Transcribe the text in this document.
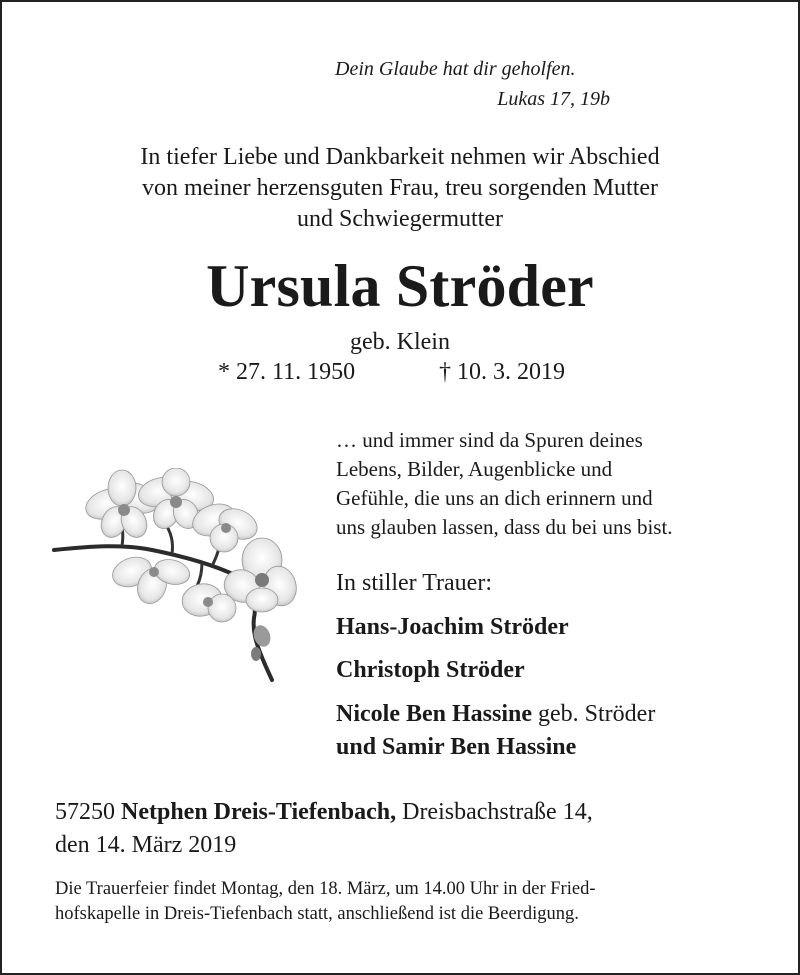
Dein Glaube hat dir geholfen.
Lukas 17, 19b
In tiefer Liebe und Dankbarkeit nehmen wir Abschied
von meiner herzensguten Frau, treu sorgenden Mutter
und Schwiegermutter
Ursula Ströder
geb. Klein
* 27. 11. 1950	† 10. 3. 2019
… und immer sind da Spuren deines
Lebens, Bilder, Augenblicke und
Gefühle, die uns an dich erinnern und
uns glauben lassen, dass du bei uns bist.
In stiller Trauer:
Hans-Joachim Ströder
Christoph Ströder
Nicole Ben Hassine geb. Ströder
und Samir Ben Hassine
57250 Netphen Dreis-Tiefenbach, Dreisbachstraße 14,
den 14. März 2019
Die Trauerfeier findet Montag, den 18. März, um 14.00 Uhr in der Fried-
hofskapelle in Dreis-Tiefenbach statt, anschließend ist die Beerdigung.
